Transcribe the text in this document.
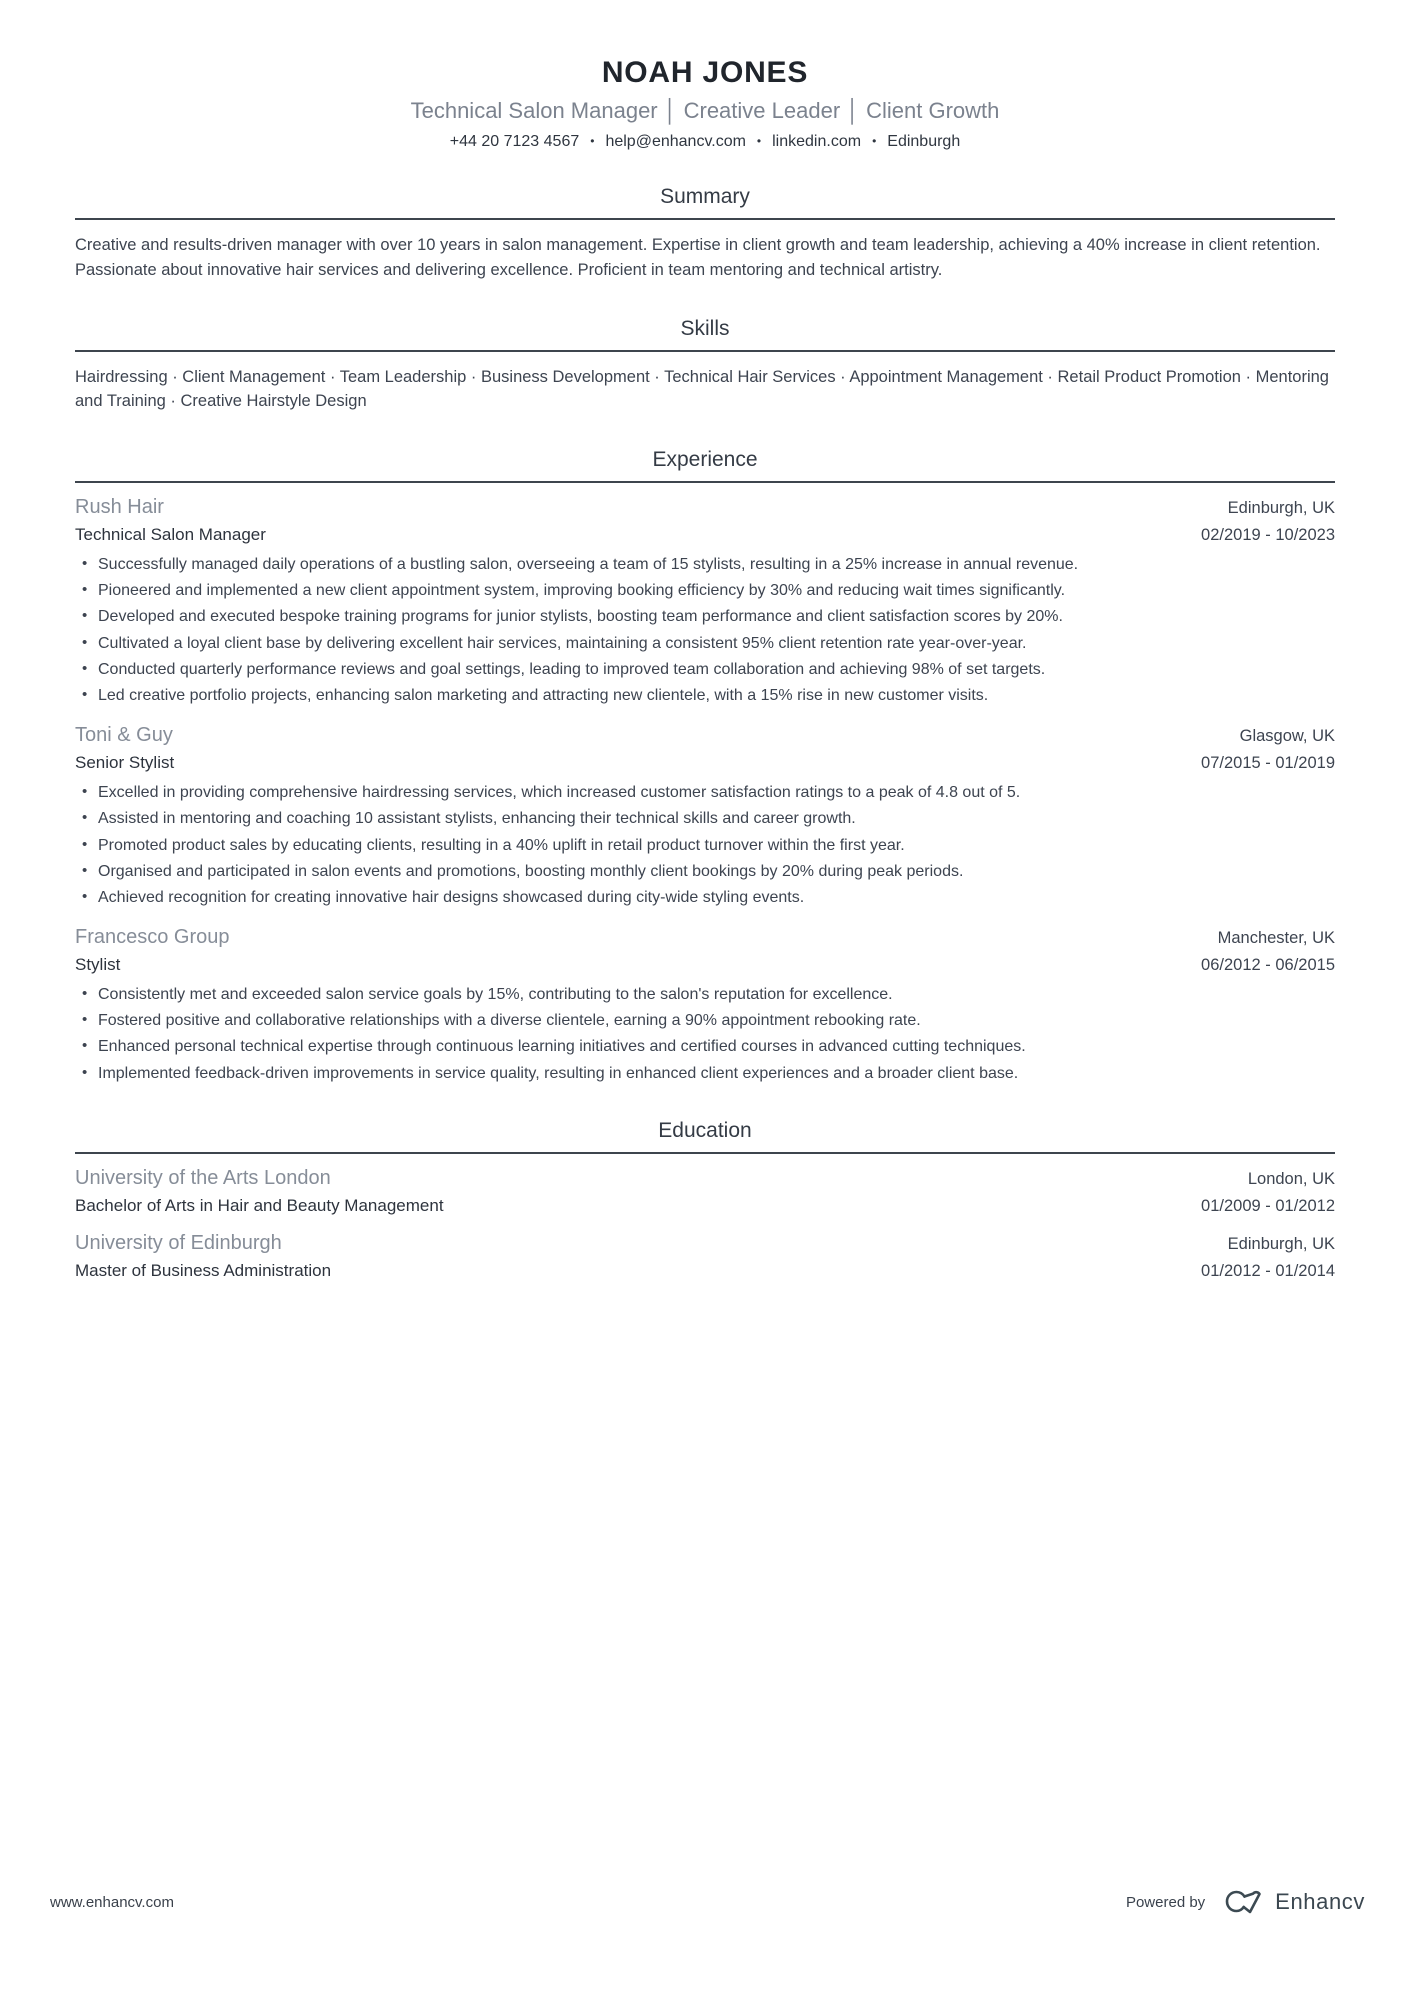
NOAH JONES
Technical Salon Manager │ Creative Leader │ Client Growth
+44 20 7123 4567 • help@enhancv.com • linkedin.com • Edinburgh
Summary

Creative and results-driven manager with over 10 years in salon management. Expertise in client growth and team leadership, achieving a 40% increase in client retention. Passionate about innovative hair services and delivering excellence. Proficient in team mentoring and technical artistry.

Skills

Hairdressing · Client Management · Team Leadership · Business Development · Technical Hair Services · Appointment Management · Retail Product Promotion · Mentoring and Training · Creative Hairstyle Design

Experience
Rush Hair	Edinburgh, UK
Technical Salon Manager	02/2019 - 10/2023
• Successfully managed daily operations of a bustling salon, overseeing a team of 15 stylists, resulting in a 25% increase in annual revenue.
• Pioneered and implemented a new client appointment system, improving booking efficiency by 30% and reducing wait times significantly.
• Developed and executed bespoke training programs for junior stylists, boosting team performance and client satisfaction scores by 20%.
• Cultivated a loyal client base by delivering excellent hair services, maintaining a consistent 95% client retention rate year-over-year.
• Conducted quarterly performance reviews and goal settings, leading to improved team collaboration and achieving 98% of set targets.
• Led creative portfolio projects, enhancing salon marketing and attracting new clientele, with a 15% rise in new customer visits.
Toni & Guy	Glasgow, UK
Senior Stylist	07/2015 - 01/2019
• Excelled in providing comprehensive hairdressing services, which increased customer satisfaction ratings to a peak of 4.8 out of 5.
• Assisted in mentoring and coaching 10 assistant stylists, enhancing their technical skills and career growth.
• Promoted product sales by educating clients, resulting in a 40% uplift in retail product turnover within the first year.
• Organised and participated in salon events and promotions, boosting monthly client bookings by 20% during peak periods.
• Achieved recognition for creating innovative hair designs showcased during city-wide styling events.
Francesco Group	Manchester, UK
Stylist	06/2012 - 06/2015
• Consistently met and exceeded salon service goals by 15%, contributing to the salon's reputation for excellence.
• Fostered positive and collaborative relationships with a diverse clientele, earning a 90% appointment rebooking rate.
• Enhanced personal technical expertise through continuous learning initiatives and certified courses in advanced cutting techniques.
• Implemented feedback-driven improvements in service quality, resulting in enhanced client experiences and a broader client base.
Education
University of the Arts London	London, UK
Bachelor of Arts in Hair and Beauty Management	01/2009 - 01/2012
University of Edinburgh	Edinburgh, UK
Master of Business Administration	01/2012 - 01/2014
www.enhancv.com	Powered by	Enhancv
